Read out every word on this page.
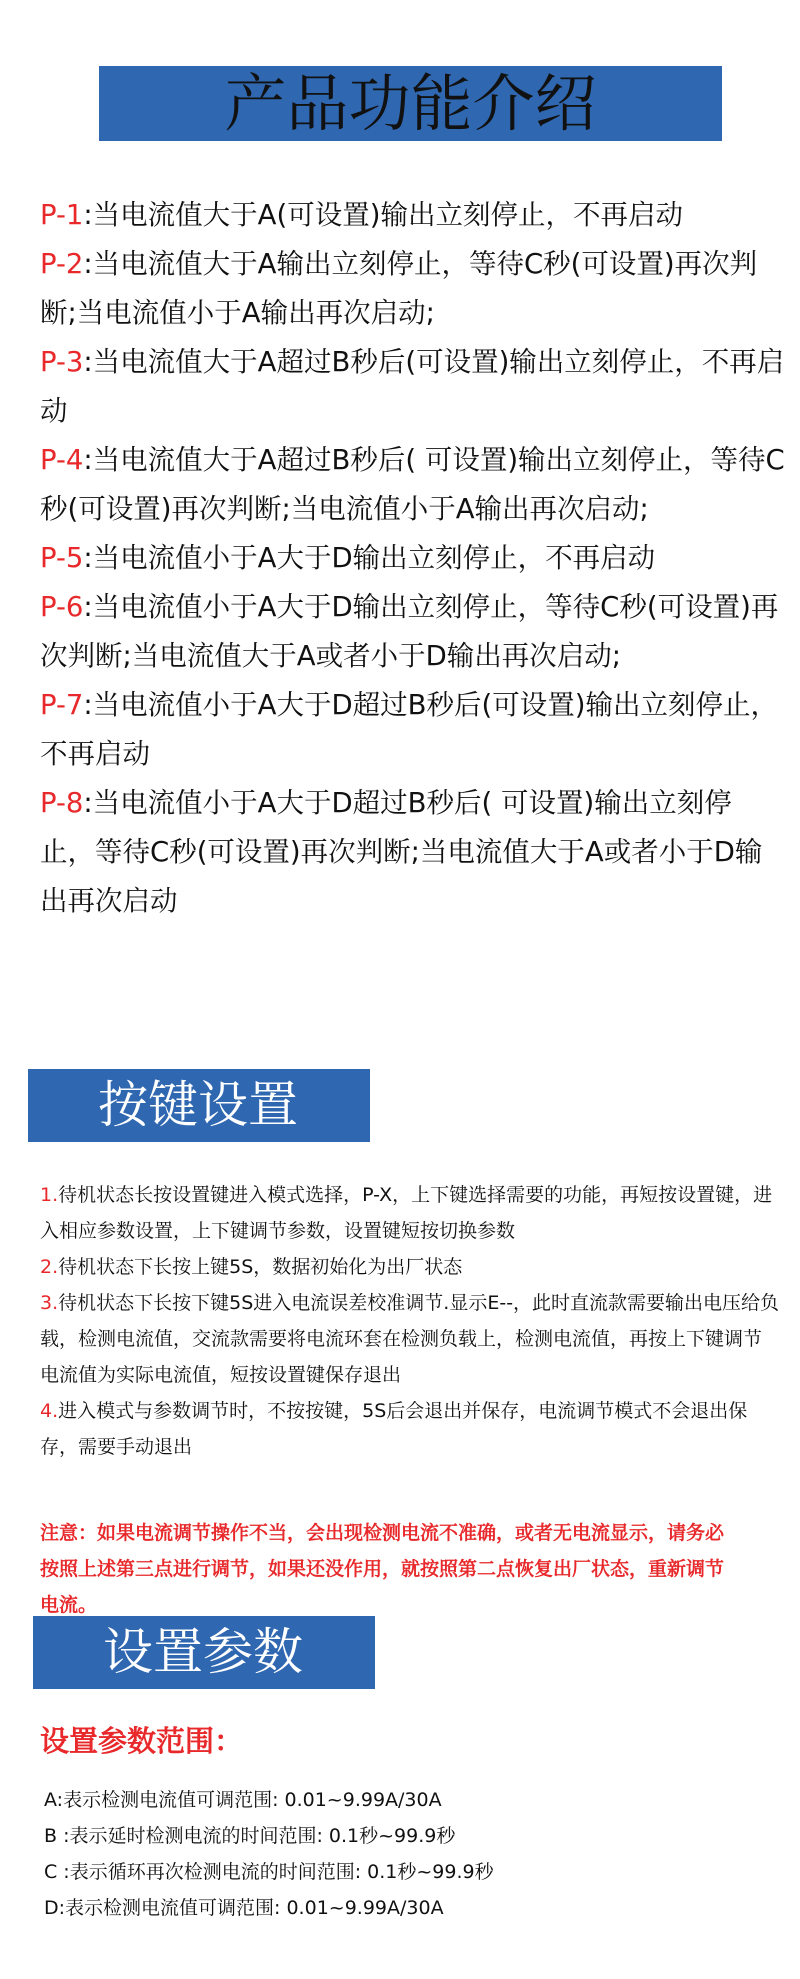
产品功能介绍
P-1:当电流值大于A(可设置)输出立刻停止，不再启动
P-2:当电流值大于A输出立刻停止，等待C秒(可设置)再次判断;当电流值小于A输出再次启动;
P-3:当电流值大于A超过B秒后(可设置)输出立刻停止，不再启动
P-4:当电流值大于A超过B秒后( 可设置)输出立刻停止，等待C秒(可设置)再次判断;当电流值小于A输出再次启动;
P-5:当电流值小于A大于D输出立刻停止，不再启动
P-6:当电流值小于A大于D输出立刻停止，等待C秒(可设置)再次判断;当电流值大于A或者小于D输出再次启动;
P-7:当电流值小于A大于D超过B秒后(可设置)输出立刻停止，不再启动
P-8:当电流值小于A大于D超过B秒后( 可设置)输出立刻停止，等待C秒(可设置)再次判断;当电流值大于A或者小于D输出再次启动
按键设置
1.待机状态长按设置键进入模式选择，P-X，上下键选择需要的功能，再短按设置键，进入相应参数设置，上下键调节参数，设置键短按切换参数
2.待机状态下长按上键5S，数据初始化为出厂状态
3.待机状态下长按下键5S进入电流误差校准调节.显示E--，此时直流款需要输出电压给负载，检测电流值，交流款需要将电流环套在检测负载上，检测电流值，再按上下键调节电流值为实际电流值，短按设置键保存退出
4.进入模式与参数调节时，不按按键，5S后会退出并保存，电流调节模式不会退出保存，需要手动退出
注意：如果电流调节操作不当，会出现检测电流不准确，或者无电流显示，请务必按照上述第三点进行调节，如果还没作用，就按照第二点恢复出厂状态，重新调节电流。
设置参数
设置参数范围：
A:表示检测电流值可调范围: 0.01~9.99A/30A
B :表示延时检测电流的时间范围: 0.1秒~99.9秒
C :表示循环再次检测电流的时间范围: 0.1秒~99.9秒
D:表示检测电流值可调范围: 0.01~9.99A/30A
